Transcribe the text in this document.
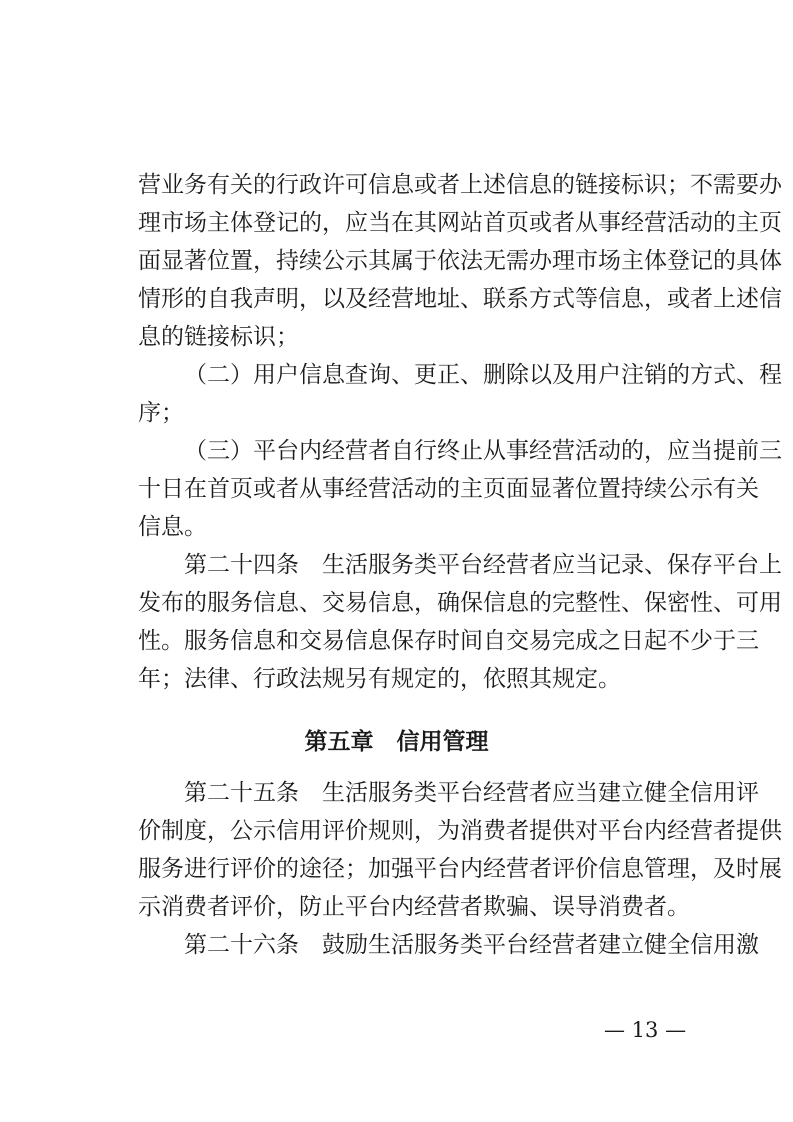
营业务有关的行政许可信息或者上述信息的链接标识；不需要办
理市场主体登记的，应当在其网站首页或者从事经营活动的主页
面显著位置，持续公示其属于依法无需办理市场主体登记的具体
情形的自我声明，以及经营地址、联系方式等信息，或者上述信
息的链接标识；
（二）用户信息查询、更正、删除以及用户注销的方式、程
序；
（三）平台内经营者自行终止从事经营活动的，应当提前三
十日在首页或者从事经营活动的主页面显著位置持续公示有关
信息。
第二十四条　生活服务类平台经营者应当记录、保存平台上
发布的服务信息、交易信息，确保信息的完整性、保密性、可用
性。服务信息和交易信息保存时间自交易完成之日起不少于三
年；法律、行政法规另有规定的，依照其规定。
第五章　信用管理
第二十五条　生活服务类平台经营者应当建立健全信用评
价制度，公示信用评价规则，为消费者提供对平台内经营者提供
服务进行评价的途径；加强平台内经营者评价信息管理，及时展
示消费者评价，防止平台内经营者欺骗、误导消费者。
第二十六条　鼓励生活服务类平台经营者建立健全信用激
— 13 —
